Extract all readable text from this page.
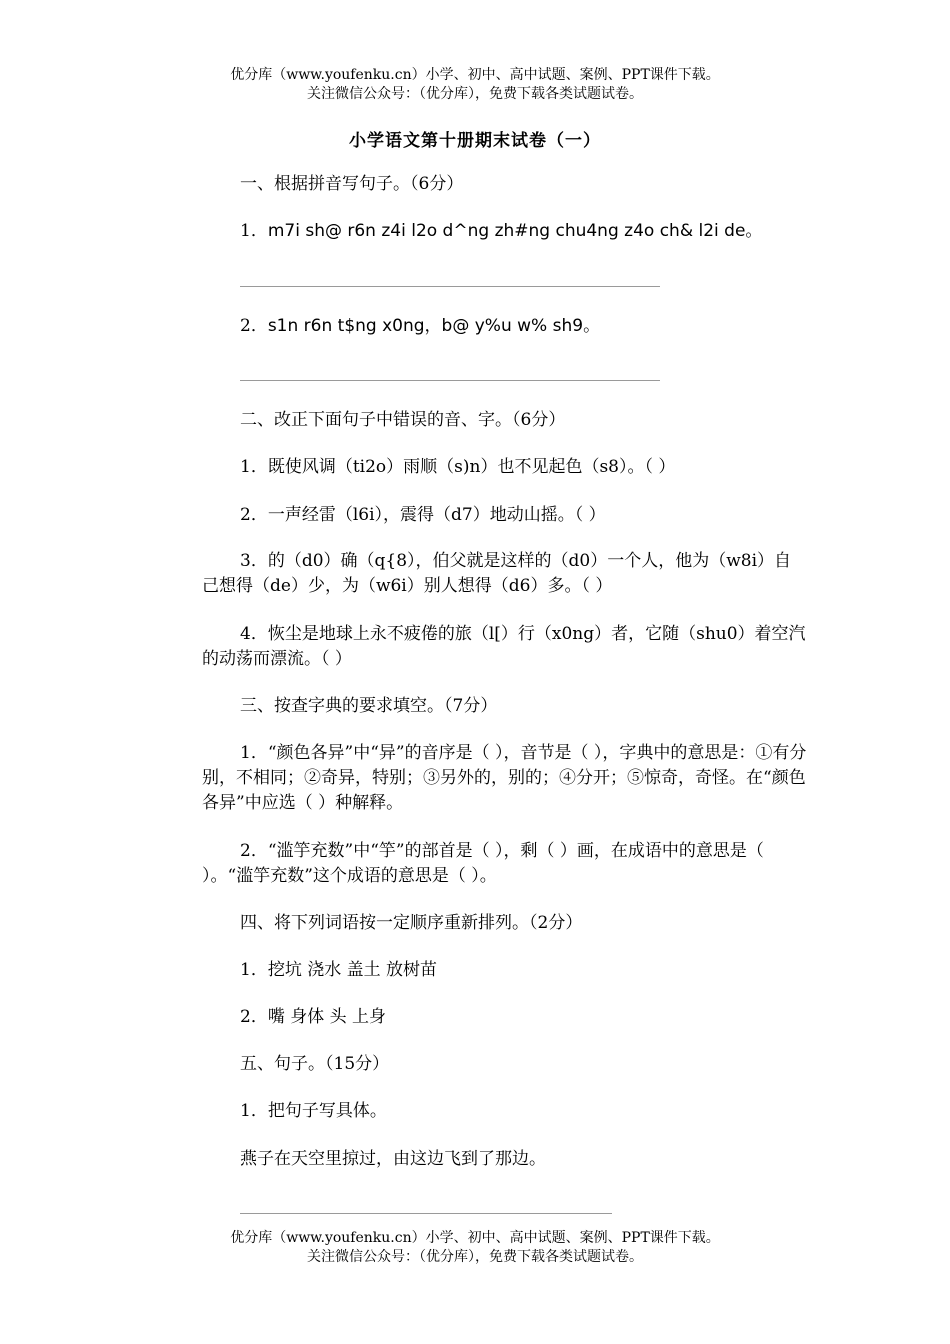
优分库（www.youfenku.cn）小学、初中、高中试题、案例、PPT课件下载。
关注微信公众号：（优分库），免费下载各类试题试卷。
小学语文第十册期末试卷（一）
一、根据拼音写句子。（6分）
1．m7i sh@ r6n z4i l2o d^ng zh#ng chu4ng z4o ch& l2i de。
2．s1n r6n t$ng x0ng，b@ y%u w% sh9。
二、改正下面句子中错误的音、字。（6分）
1．既使风调（ti2o）雨顺（s)n）也不见起色（s8）。（ ）
2．一声经雷（l6i），震得（d7）地动山摇。（ ）
3．的（d0）确（q{8），伯父就是这样的（d0）一个人，他为（w8i）自己想得（de）少，为（w6i）别人想得（d6）多。（ ）
4．恢尘是地球上永不疲倦的旅（l[）行（x0ng）者，它随（shu0）着空汽的动荡而漂流。（ ）
三、按查字典的要求填空。（7分）
1．“颜色各异”中“异”的音序是（ ），音节是（ ），字典中的意思是：①有分别，不相同；②奇异，特别；③另外的，别的；④分开；⑤惊奇，奇怪。在“颜色各异”中应选（ ）种解释。
2．“滥竽充数”中“竽”的部首是（ ），剩（ ）画，在成语中的意思是（ ）。“滥竽充数”这个成语的意思是（ ）。
四、将下列词语按一定顺序重新排列。（2分）
1．挖坑 浇水 盖土 放树苗
2．嘴 身体 头 上身
五、句子。（15分）
1．把句子写具体。
燕子在天空里掠过，由这边飞到了那边。
优分库（www.youfenku.cn）小学、初中、高中试题、案例、PPT课件下载。
关注微信公众号：（优分库），免费下载各类试题试卷。
